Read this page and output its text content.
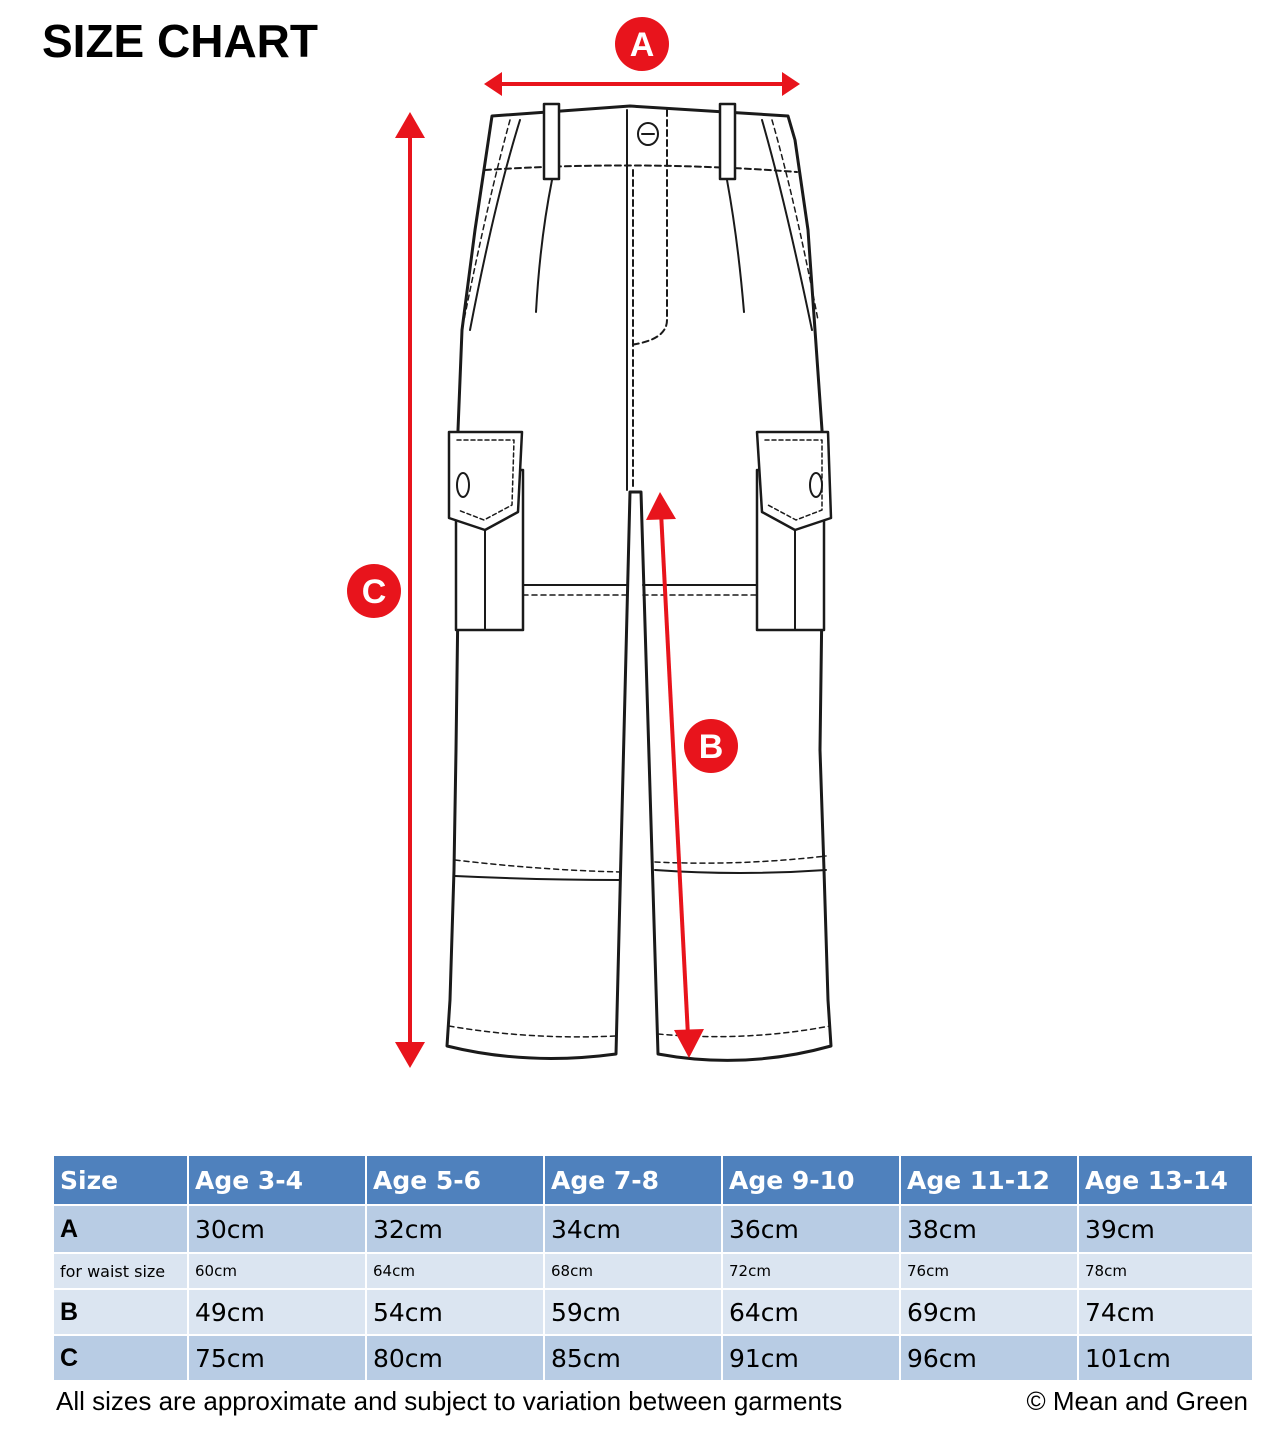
SIZE CHART	A
C
B
Size	Age 3-4	Age 5-6	Age 7-8	Age 9-10	Age 11-12	Age 13-14
A	30cm	32cm	34cm	36cm	38cm	39cm
for waist size	60cm	64cm	68cm	72cm	76cm	78cm
B	49cm	54cm	59cm	64cm	69cm	74cm
C	75cm	80cm	85cm	91cm	96cm	101cm
All sizes are approximate and subject to variation between garments	© Mean and Green
